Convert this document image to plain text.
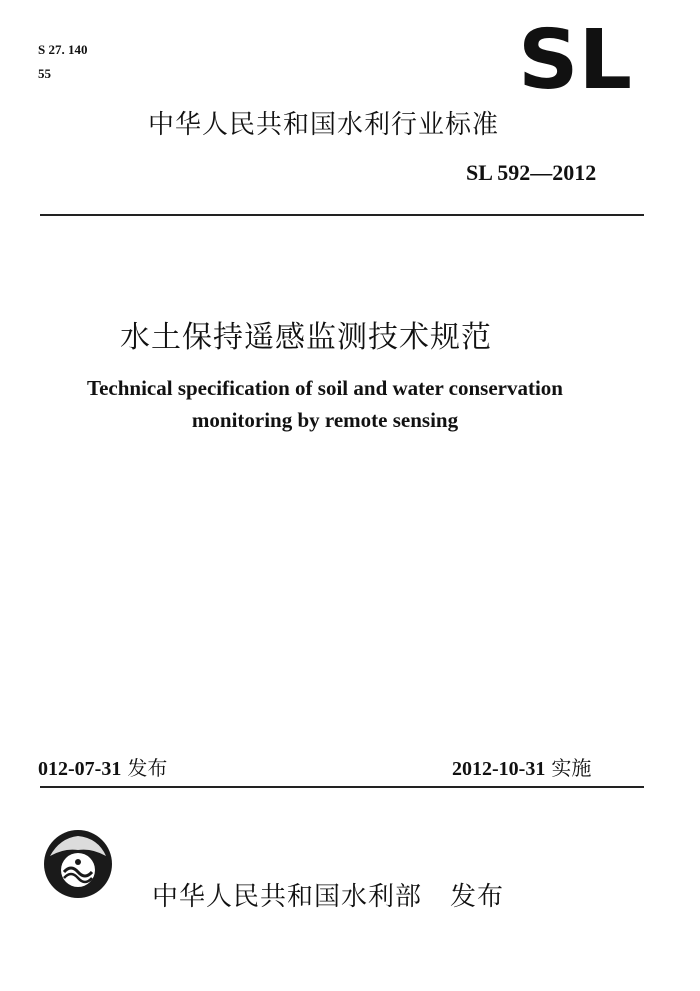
S 27. 140
55	SL
中华人民共和国水利行业标准
SL 592—2012
水土保持遥感监测技术规范
Technical specification of soil and water conservation
monitoring by remote sensing
012-07-31 发布	2012-10-31 实施
中华人民共和国水利部 发布
